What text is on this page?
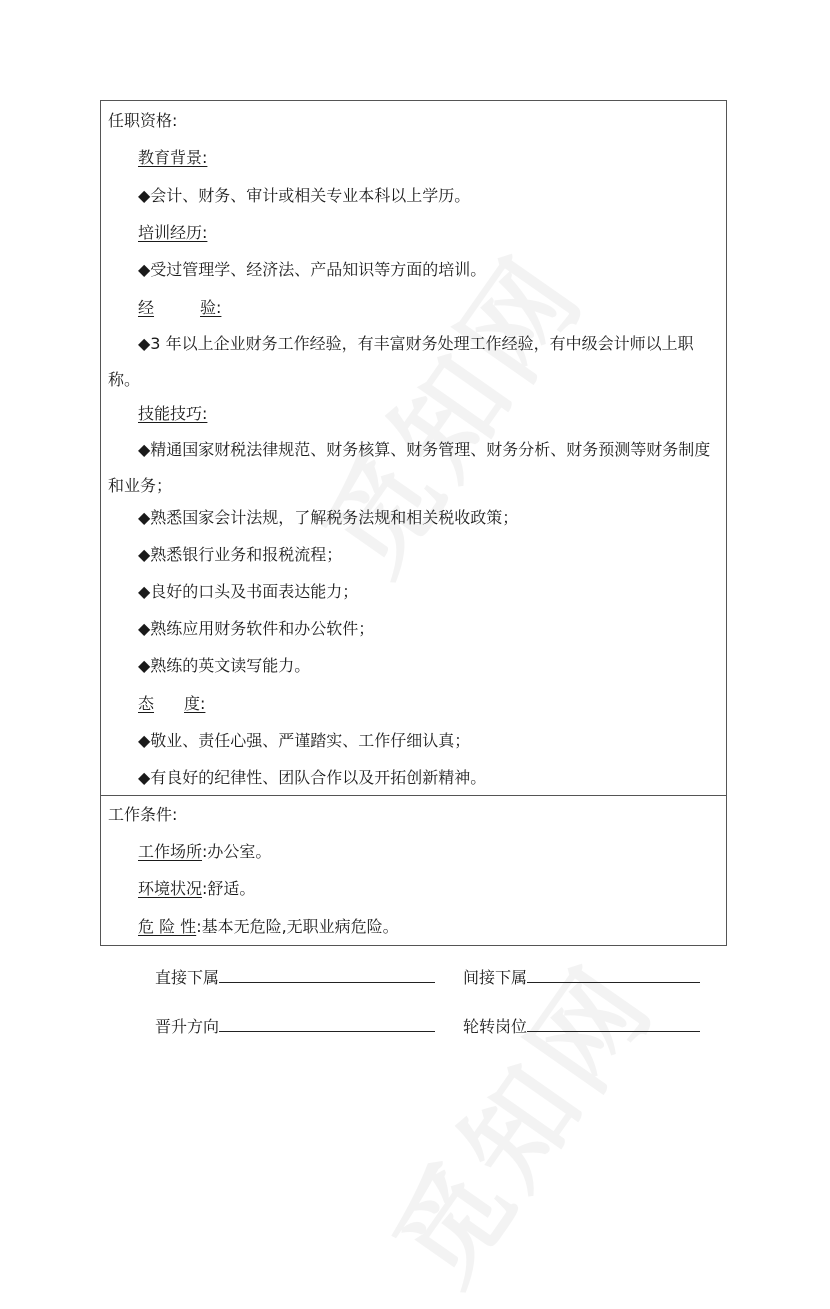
任职资格:
教育背景:
◆会计、财务、审计或相关专业本科以上学历。
培训经历:
◆受过管理学、经济法、产品知识等方面的培训。
经	验:
◆3 年以上企业财务工作经验，有丰富财务处理工作经验，有中级会计师以上职称。
技能技巧:
◆精通国家财税法律规范、财务核算、财务管理、财务分析、财务预测等财务制度和业务；
◆熟悉国家会计法规，了解税务法规和相关税收政策；
◆熟悉银行业务和报税流程；
◆良好的口头及书面表达能力；
◆熟练应用财务软件和办公软件；
◆熟练的英文读写能力。
态 度:
◆敬业、责任心强、严谨踏实、工作仔细认真；
◆有良好的纪律性、团队合作以及开拓创新精神。
工作条件:
工作场所:办公室。
环境状况:舒适。
危 险 性:基本无危险,无职业病危险。
直接下属	间接下属
晋升方向	轮转岗位
